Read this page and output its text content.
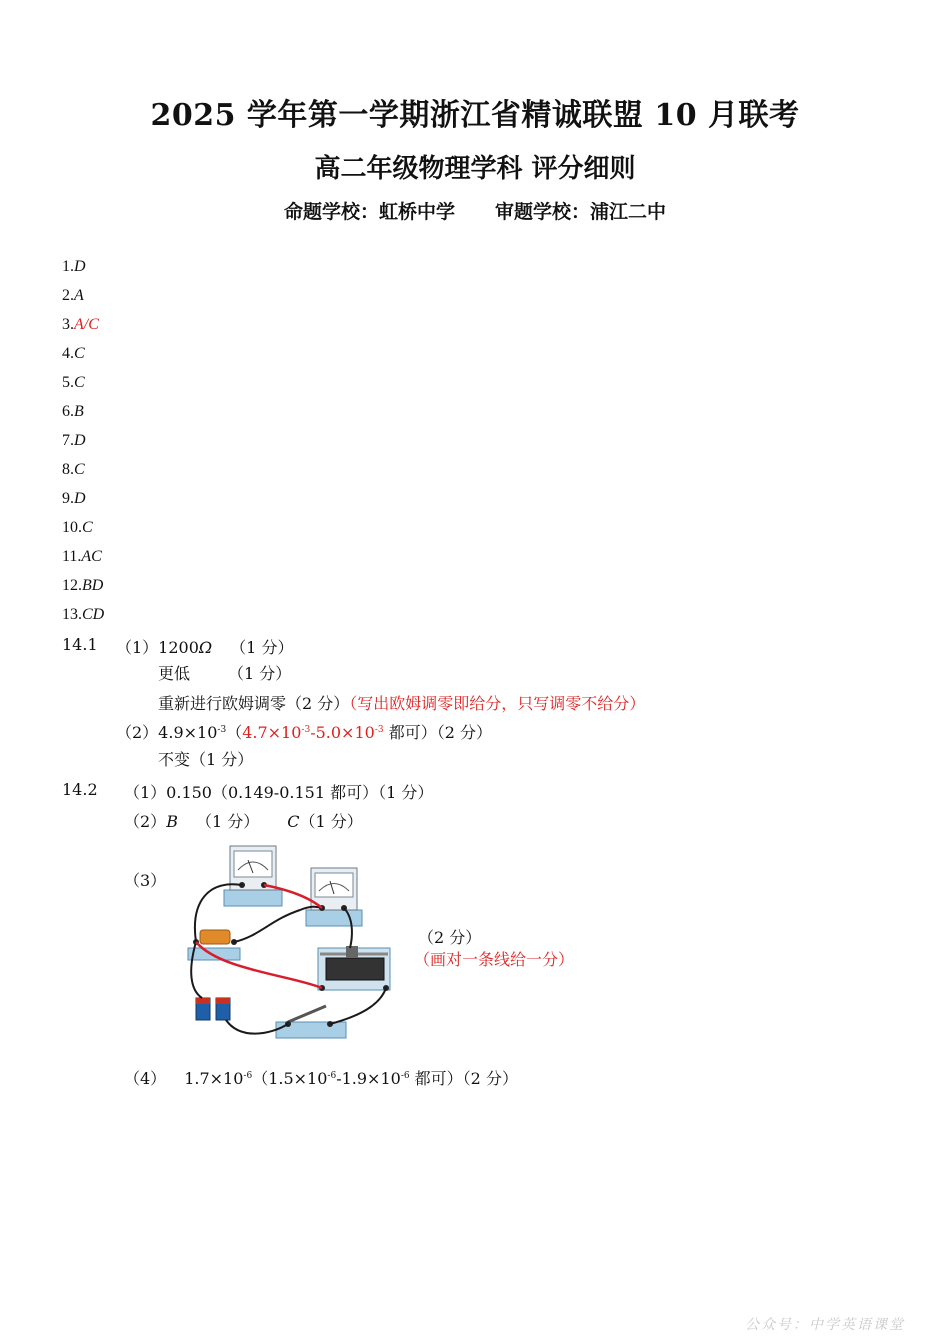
2025 学年第一学期浙江省精诚联盟 10 月联考
高二年级物理学科 评分细则
命题学校：虹桥中学 审题学校：浦江二中
1.D
2.A
3.A/C
4.C
5.C
6.B
7.D
8.C
9.D
10.C
11.AC
12.BD
13.CD
14.1 （1）1200Ω （1 分）
更低 （1 分）
重新进行欧姆调零（2 分）（写出欧姆调零即给分，只写调零不给分）
$(2)4.9\times 10^{-3}(4.7\times 10^{-3}-5.0\times 10^{-3}$ 都可）（2 分）
不变（1 分）
14.2 （1）0.150（0.149-0.151 都可）（1 分）
（2）B （1 分） C（1 分）
（3）
（2 分）
（画对一条线给一分）
（4） $1.7\times 10^{-6}(1.5\times 10^{-6}-1.9\times 10^{-6}$ 都可）（2 分）
公众号：中学英语课堂
